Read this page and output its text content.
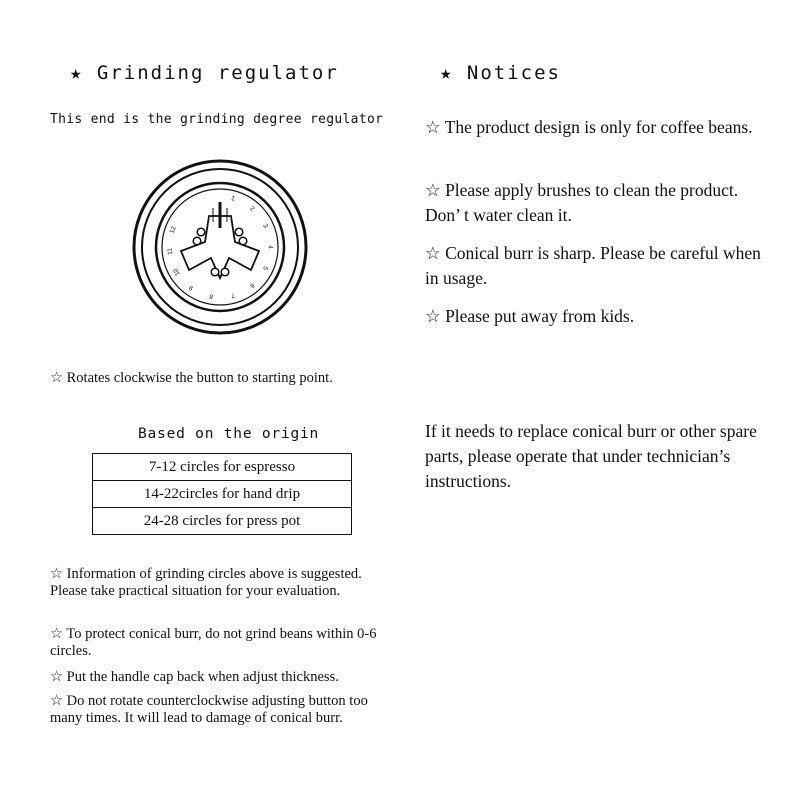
★ Grinding regulator
This end is the grinding degree regulator
1
2
3
4
5
6
7
8
9
10
11
12
☆ Rotates clockwise the button to starting point.
Based on the origin
7-12 circles for espresso
14-22circles for hand drip
24-28 circles for press pot
☆ Information of grinding circles above is suggested. Please take practical situation for your evaluation.
☆ To protect conical burr, do not grind beans within 0-6 circles.
☆ Put the handle cap back when adjust thickness.
☆ Do not rotate counterclockwise adjusting button too many times. It will lead to damage of conical burr.
★ Notices
☆ The product design is only for coffee beans.
☆ Please apply brushes to clean the product. Don’ t water clean it.
☆ Conical burr is sharp. Please be careful when in usage.
☆ Please put away from kids.
If it needs to replace conical burr or other spare parts, please operate that under technician’s instructions.
